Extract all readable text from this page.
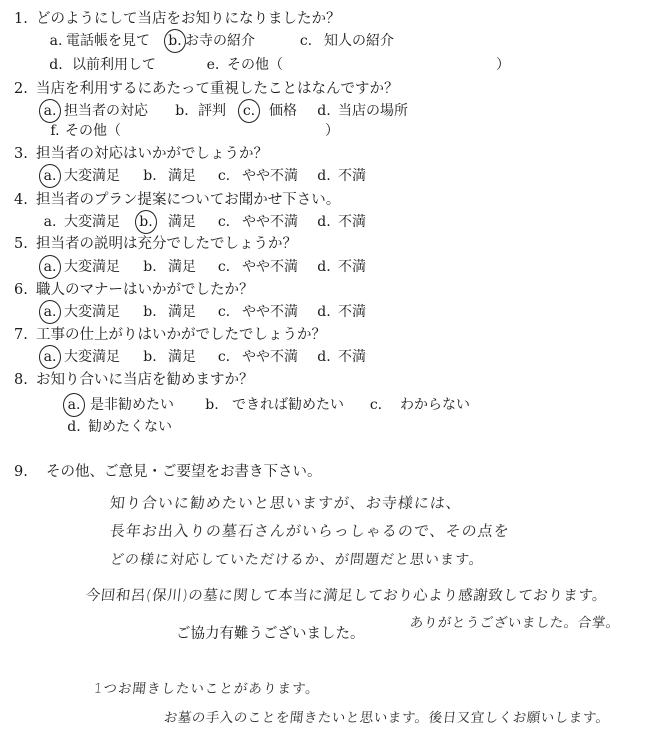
1. どのようにして当店をお知りになりましたか？
a. 電話帳を見て b. お寺の紹介	c. 知人の紹介
d. 以前利用して	e. その他（	）
2. 当店を利用するにあたって重視したことはなんですか？
a. 担当者の対応 b. 評判 c. 価格 d. 当店の場所
f. その他（	）
3. 担当者の対応はいかがでしょうか？
a. 大変満足 b. 満足 c. やや不満 d. 不満
4. 担当者のプラン提案についてお聞かせ下さい。
a. 大変満足 b. 満足 c. やや不満 d. 不満
5. 担当者の説明は充分でしたでしょうか？
a. 大変満足 b. 満足 c. やや不満 d. 不満
6. 職人のマナーはいかがでしたか？
a. 大変満足 b. 満足 c. やや不満 d. 不満
7. 工事の仕上がりはいかがでしたでしょうか？
a. 大変満足 b. 満足 c. やや不満 d. 不満
8. お知り合いに当店を勧めますか？
a. 是非勧めたい b. できれば勧めたい c. わからない
d. 勧めたくない
9. その他、ご意見・ご要望をお書き下さい。
知り合いに勧めたいと思いますが、お寺様には、
長年お出入りの墓石さんがいらっしゃるので、その点を
どの様に対応していただけるか、が問題だと思います。
今回和呂(保川)の墓に関して本当に満足しており心より感謝致しております。
ありがとうございました。合掌。
ご協力有難うございました。
1つお聞きしたいことがあります。
お墓の手入のことを聞きたいと思います。後日又宜しくお願いします。
